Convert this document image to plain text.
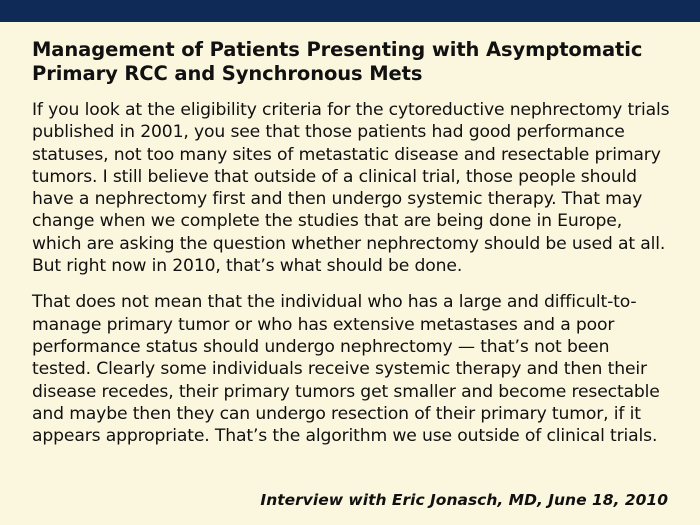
Management of Patients Presenting with Asymptomatic Primary RCC and Synchronous Mets

If you look at the eligibility criteria for the cytoreductive nephrectomy trials published in 2001, you see that those patients had good performance statuses, not too many sites of metastatic disease and resectable primary tumors. I still believe that outside of a clinical trial, those people should have a nephrectomy first and then undergo systemic therapy. That may change when we complete the studies that are being done in Europe, which are asking the question whether nephrectomy should be used at all. But right now in 2010, that’s what should be done.

That does not mean that the individual who has a large and difficult-to-manage primary tumor or who has extensive metastases and a poor performance status should undergo nephrectomy — that’s not been tested. Clearly some individuals receive systemic therapy and then their disease recedes, their primary tumors get smaller and become resectable and maybe then they can undergo resection of their primary tumor, if it appears appropriate. That’s the algorithm we use outside of clinical trials.

Interview with Eric Jonasch, MD, June 18, 2010
